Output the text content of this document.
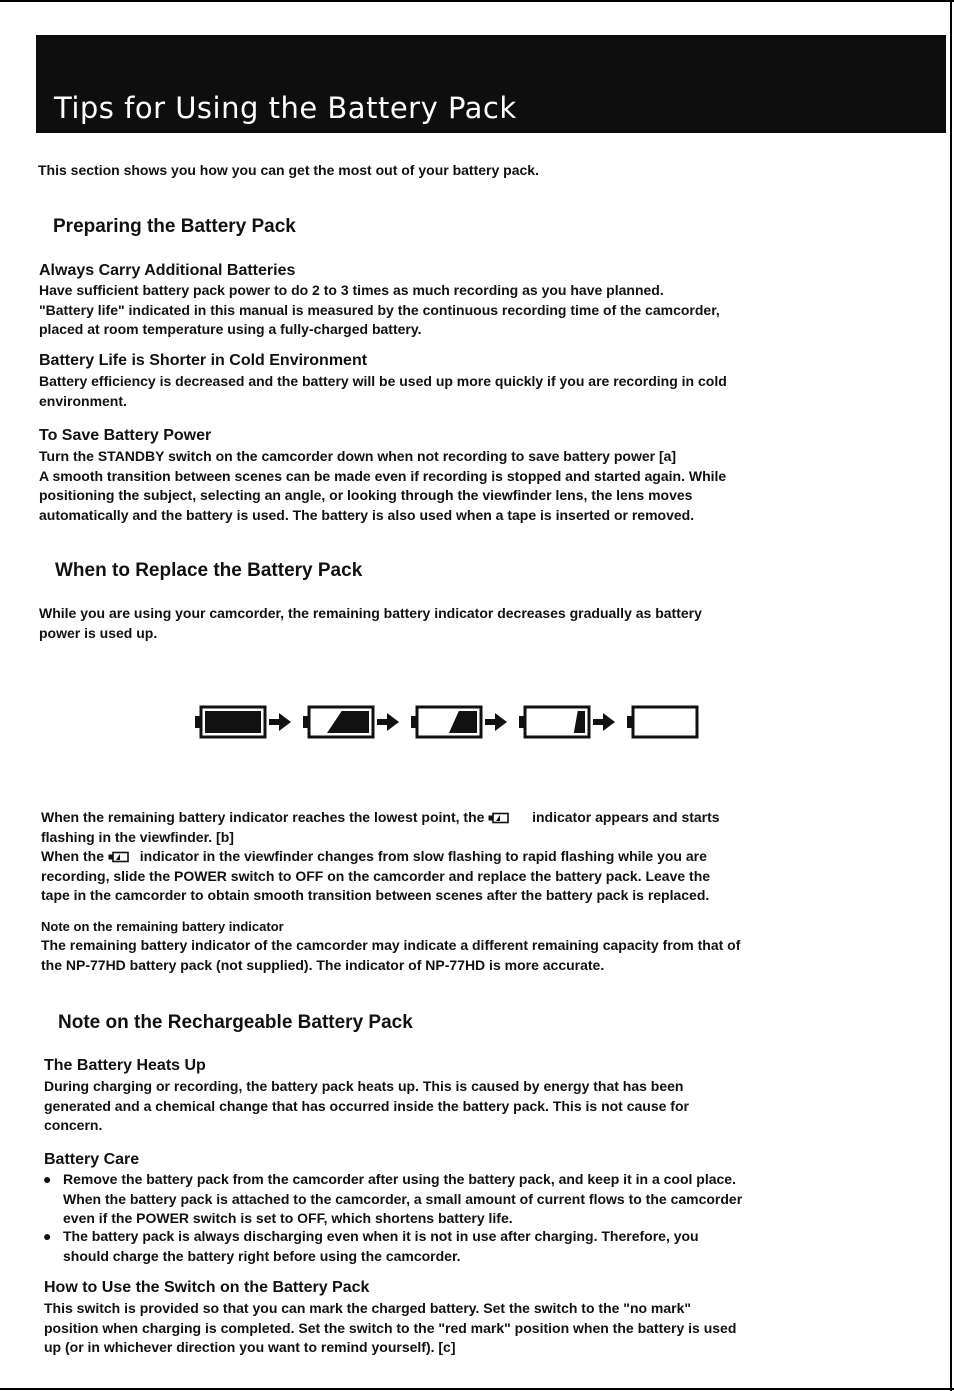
Tips for Using the Battery Pack

This section shows you how you can get the most out of your battery pack.

Preparing the Battery Pack

Always Carry Additional Batteries

Have sufficient battery pack power to do 2 to 3 times as much recording as you have planned.

"Battery life" indicated in this manual is measured by the continuous recording time of the camcorder,

placed at room temperature using a fully-charged battery.

Battery Life is Shorter in Cold Environment

Battery efficiency is decreased and the battery will be used up more quickly if you are recording in cold

environment.

To Save Battery Power

Turn the STANDBY switch on the camcorder down when not recording to save battery power [a]

A smooth transition between scenes can be made even if recording is stopped and started again. While

positioning the subject, selecting an angle, or looking through the viewfinder lens, the lens moves

automatically and the battery is used. The battery is also used when a tape is inserted or removed.

When to Replace the Battery Pack

While you are using your camcorder, the remaining battery indicator decreases gradually as battery

power is used up.

When the remaining battery indicator reaches the lowest point, the	indicator appears and starts

flashing in the viewfinder. [b]

When the	indicator in the viewfinder changes from slow flashing to rapid flashing while you are

recording, slide the POWER switch to OFF on the camcorder and replace the battery pack. Leave the

tape in the camcorder to obtain smooth transition between scenes after the battery pack is replaced.

Note on the remaining battery indicator

The remaining battery indicator of the camcorder may indicate a different remaining capacity from that of

the NP-77HD battery pack (not supplied). The indicator of NP-77HD is more accurate.

Note on the Rechargeable Battery Pack

The Battery Heats Up

During charging or recording, the battery pack heats up. This is caused by energy that has been

generated and a chemical change that has occurred inside the battery pack. This is not cause for

concern.

Battery Care

● Remove the battery pack from the camcorder after using the battery pack, and keep it in a cool place.

When the battery pack is attached to the camcorder, a small amount of current flows to the camcorder

even if the POWER switch is set to OFF, which shortens battery life.

● The battery pack is always discharging even when it is not in use after charging. Therefore, you

should charge the battery right before using the camcorder.

How to Use the Switch on the Battery Pack

This switch is provided so that you can mark the charged battery. Set the switch to the "no mark"

position when charging is completed. Set the switch to the "red mark" position when the battery is used

up (or in whichever direction you want to remind yourself). [c]
